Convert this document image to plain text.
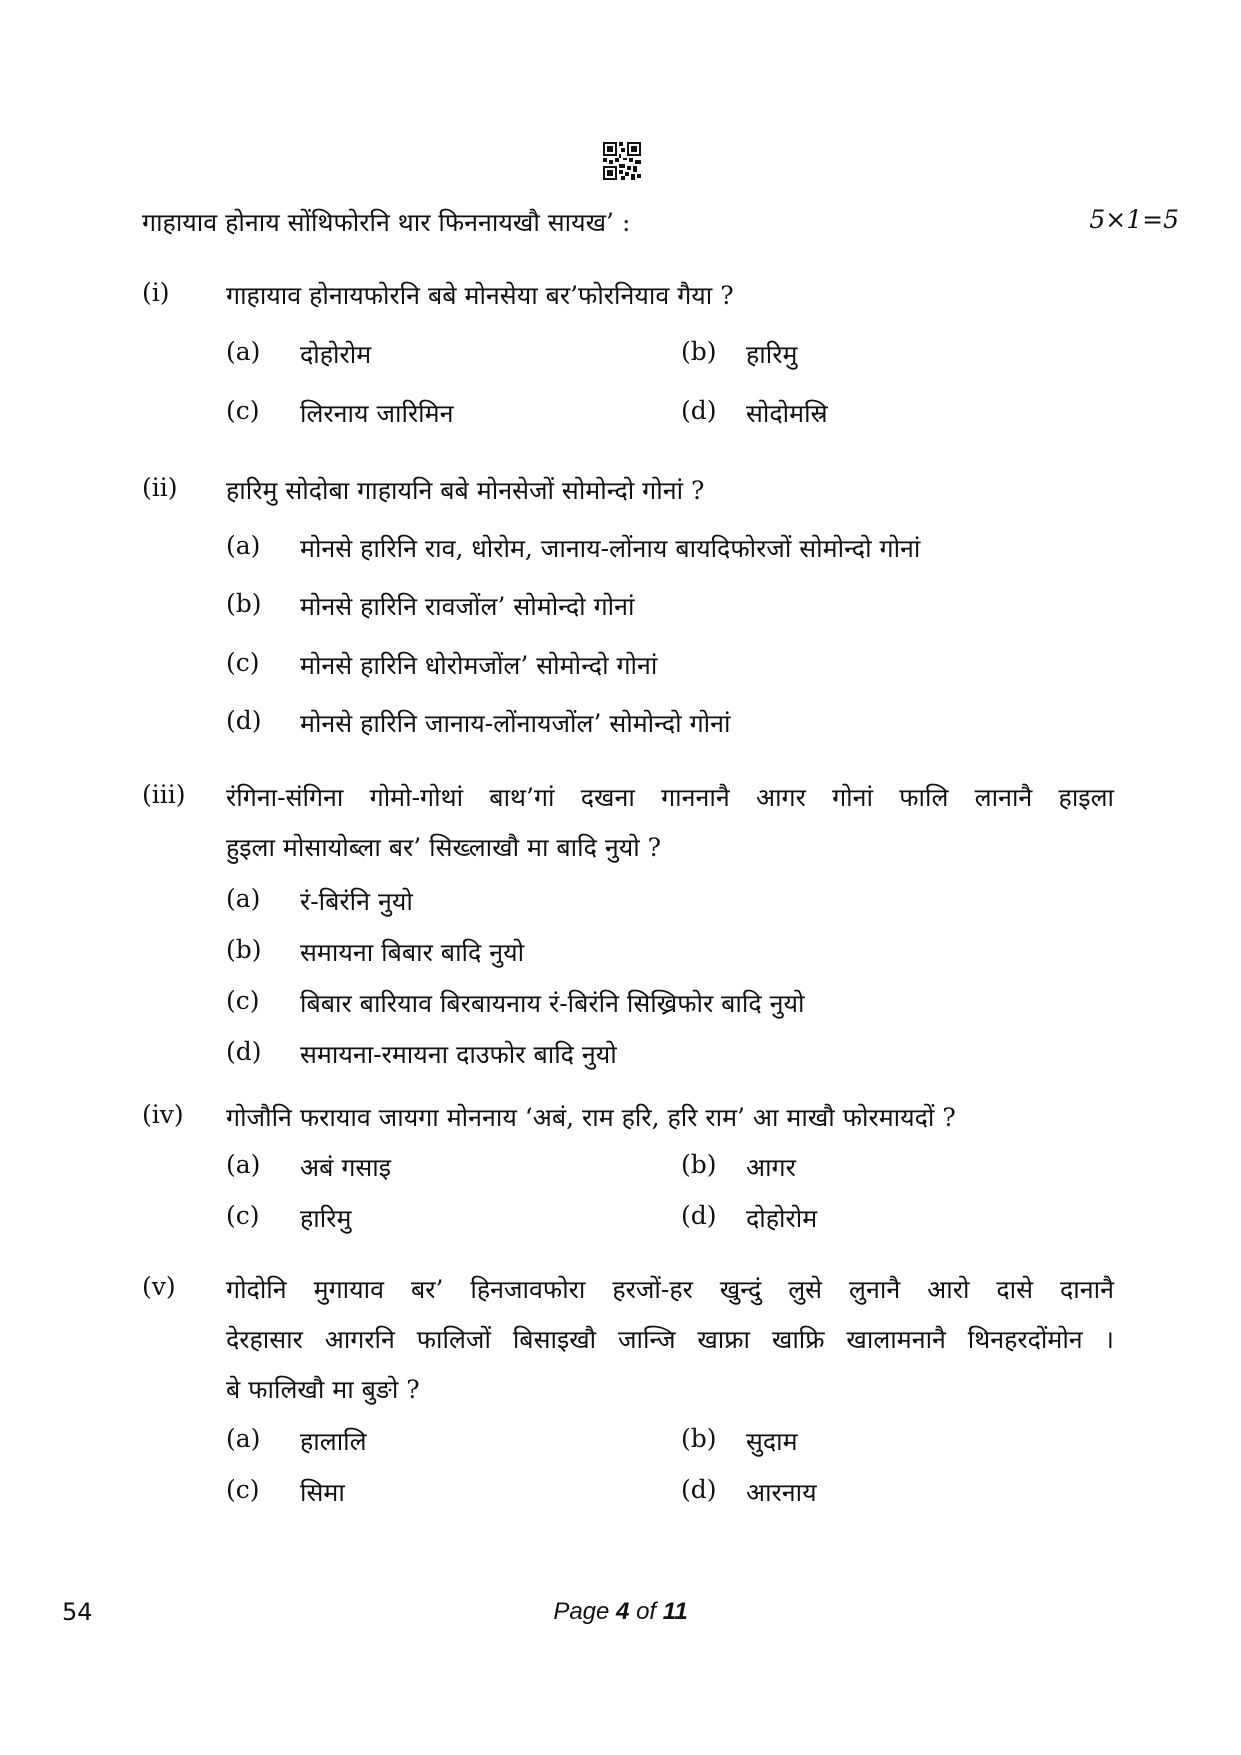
गाहायाव होनाय सोंथिफोरनि थार फिननायखौ सायख’ :	5×1=5
(i) गाहायाव होनायफोरनि बबे मोनसेया बर’फोरनियाव गैया ?
(a) दोहोरोम	(b) हारिमु
(c) लिरनाय जारिमिन	(d) सोदोमस्रि
(ii) हारिमु सोदोबा गाहायनि बबे मोनसेजों सोमोन्दो गोनां ?
(a) मोनसे हारिनि राव, धोरोम, जानाय-लोंनाय बायदिफोरजों सोमोन्दो गोनां
(b) मोनसे हारिनि रावजोंल’ सोमोन्दो गोनां
(c) मोनसे हारिनि धोरोमजोंल’ सोमोन्दो गोनां
(d) मोनसे हारिनि जानाय-लोंनायजोंल’ सोमोन्दो गोनां
(iii) रंगिना-संगिना गोमो-गोथां बाथ’गां दखना गाननानै आगर गोनां फालि लानानै हाइला
हुइला मोसायोब्ला बर’ सिख्लाखौ मा बादि नुयो ?
(a) रं-बिरंनि नुयो
(b) समायना बिबार बादि नुयो
(c) बिबार बारियाव बिरबायनाय रं-बिरंनि सिख्रिफोर बादि नुयो
(d) समायना-रमायना दाउफोर बादि नुयो
(iv) गोजौनि फरायाव जायगा मोननाय ‘अबं, राम हरि, हरि राम’ आ माखौ फोरमायदों ?
(a) अबं गसाइ	(b) आगर
(c) हारिमु	(d) दोहोरोम
(v) गोदोनि मुगायाव बर’ हिनजावफोरा हरजों-हर खुन्दुं लुसे लुनानै आरो दासे दानानै
देरहासार आगरनि फालिजों बिसाइखौ जान्जि खाफ्रा खाफ्रि खालामनानै थिनहरदोंमोन ।
बे फालिखौ मा बुङो ?
(a) हालालि	(b) सुदाम
(c) सिमा	(d) आरनाय
54	Page 4 of 11
